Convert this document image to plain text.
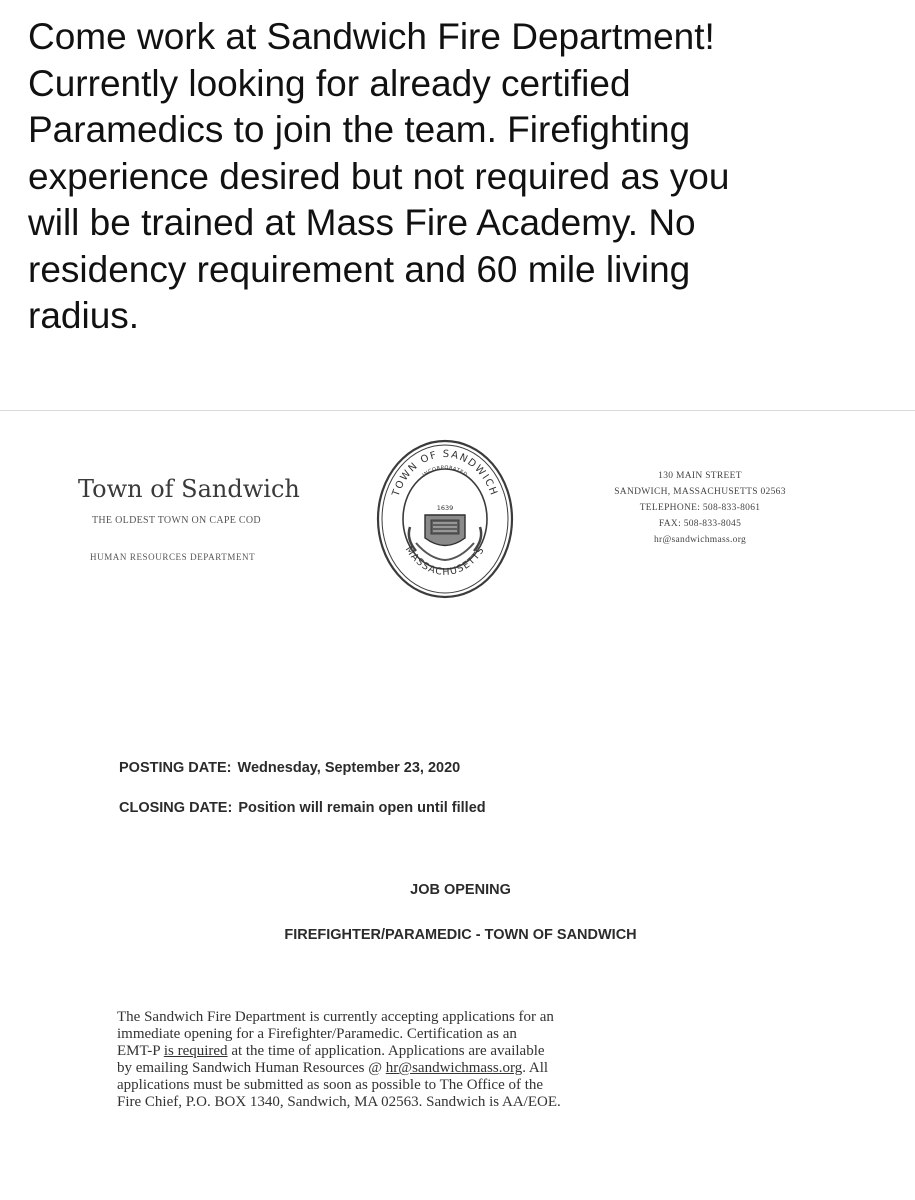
Come work at Sandwich Fire Department!
Currently looking for already certified
Paramedics to join the team. Firefighting
experience desired but not required as you
will be trained at Mass Fire Academy. No
residency requirement and 60 mile living
radius.
Town of Sandwich
THE OLDEST TOWN ON CAPE COD
HUMAN RESOURCES DEPARTMENT
TOWN OF SANDWICH
MASSACHUSETTS
INCORPORATED
1639
130 MAIN STREET
SANDWICH, MASSACHUSETTS 02563
TELEPHONE: 508-833-8061
FAX: 508-833-8045
hr@sandwichmass.org
POSTING DATE: Wednesday, September 23, 2020
CLOSING DATE: Position will remain open until filled
JOB OPENING
FIREFIGHTER/PARAMEDIC - TOWN OF SANDWICH
The Sandwich Fire Department is currently accepting applications for an
immediate opening for a Firefighter/Paramedic. Certification as an
EMT-P is required at the time of application. Applications are available
by emailing Sandwich Human Resources @ hr@sandwichmass.org. All
applications must be submitted as soon as possible to The Office of the
Fire Chief, P.O. BOX 1340, Sandwich, MA 02563. Sandwich is AA/EOE.
